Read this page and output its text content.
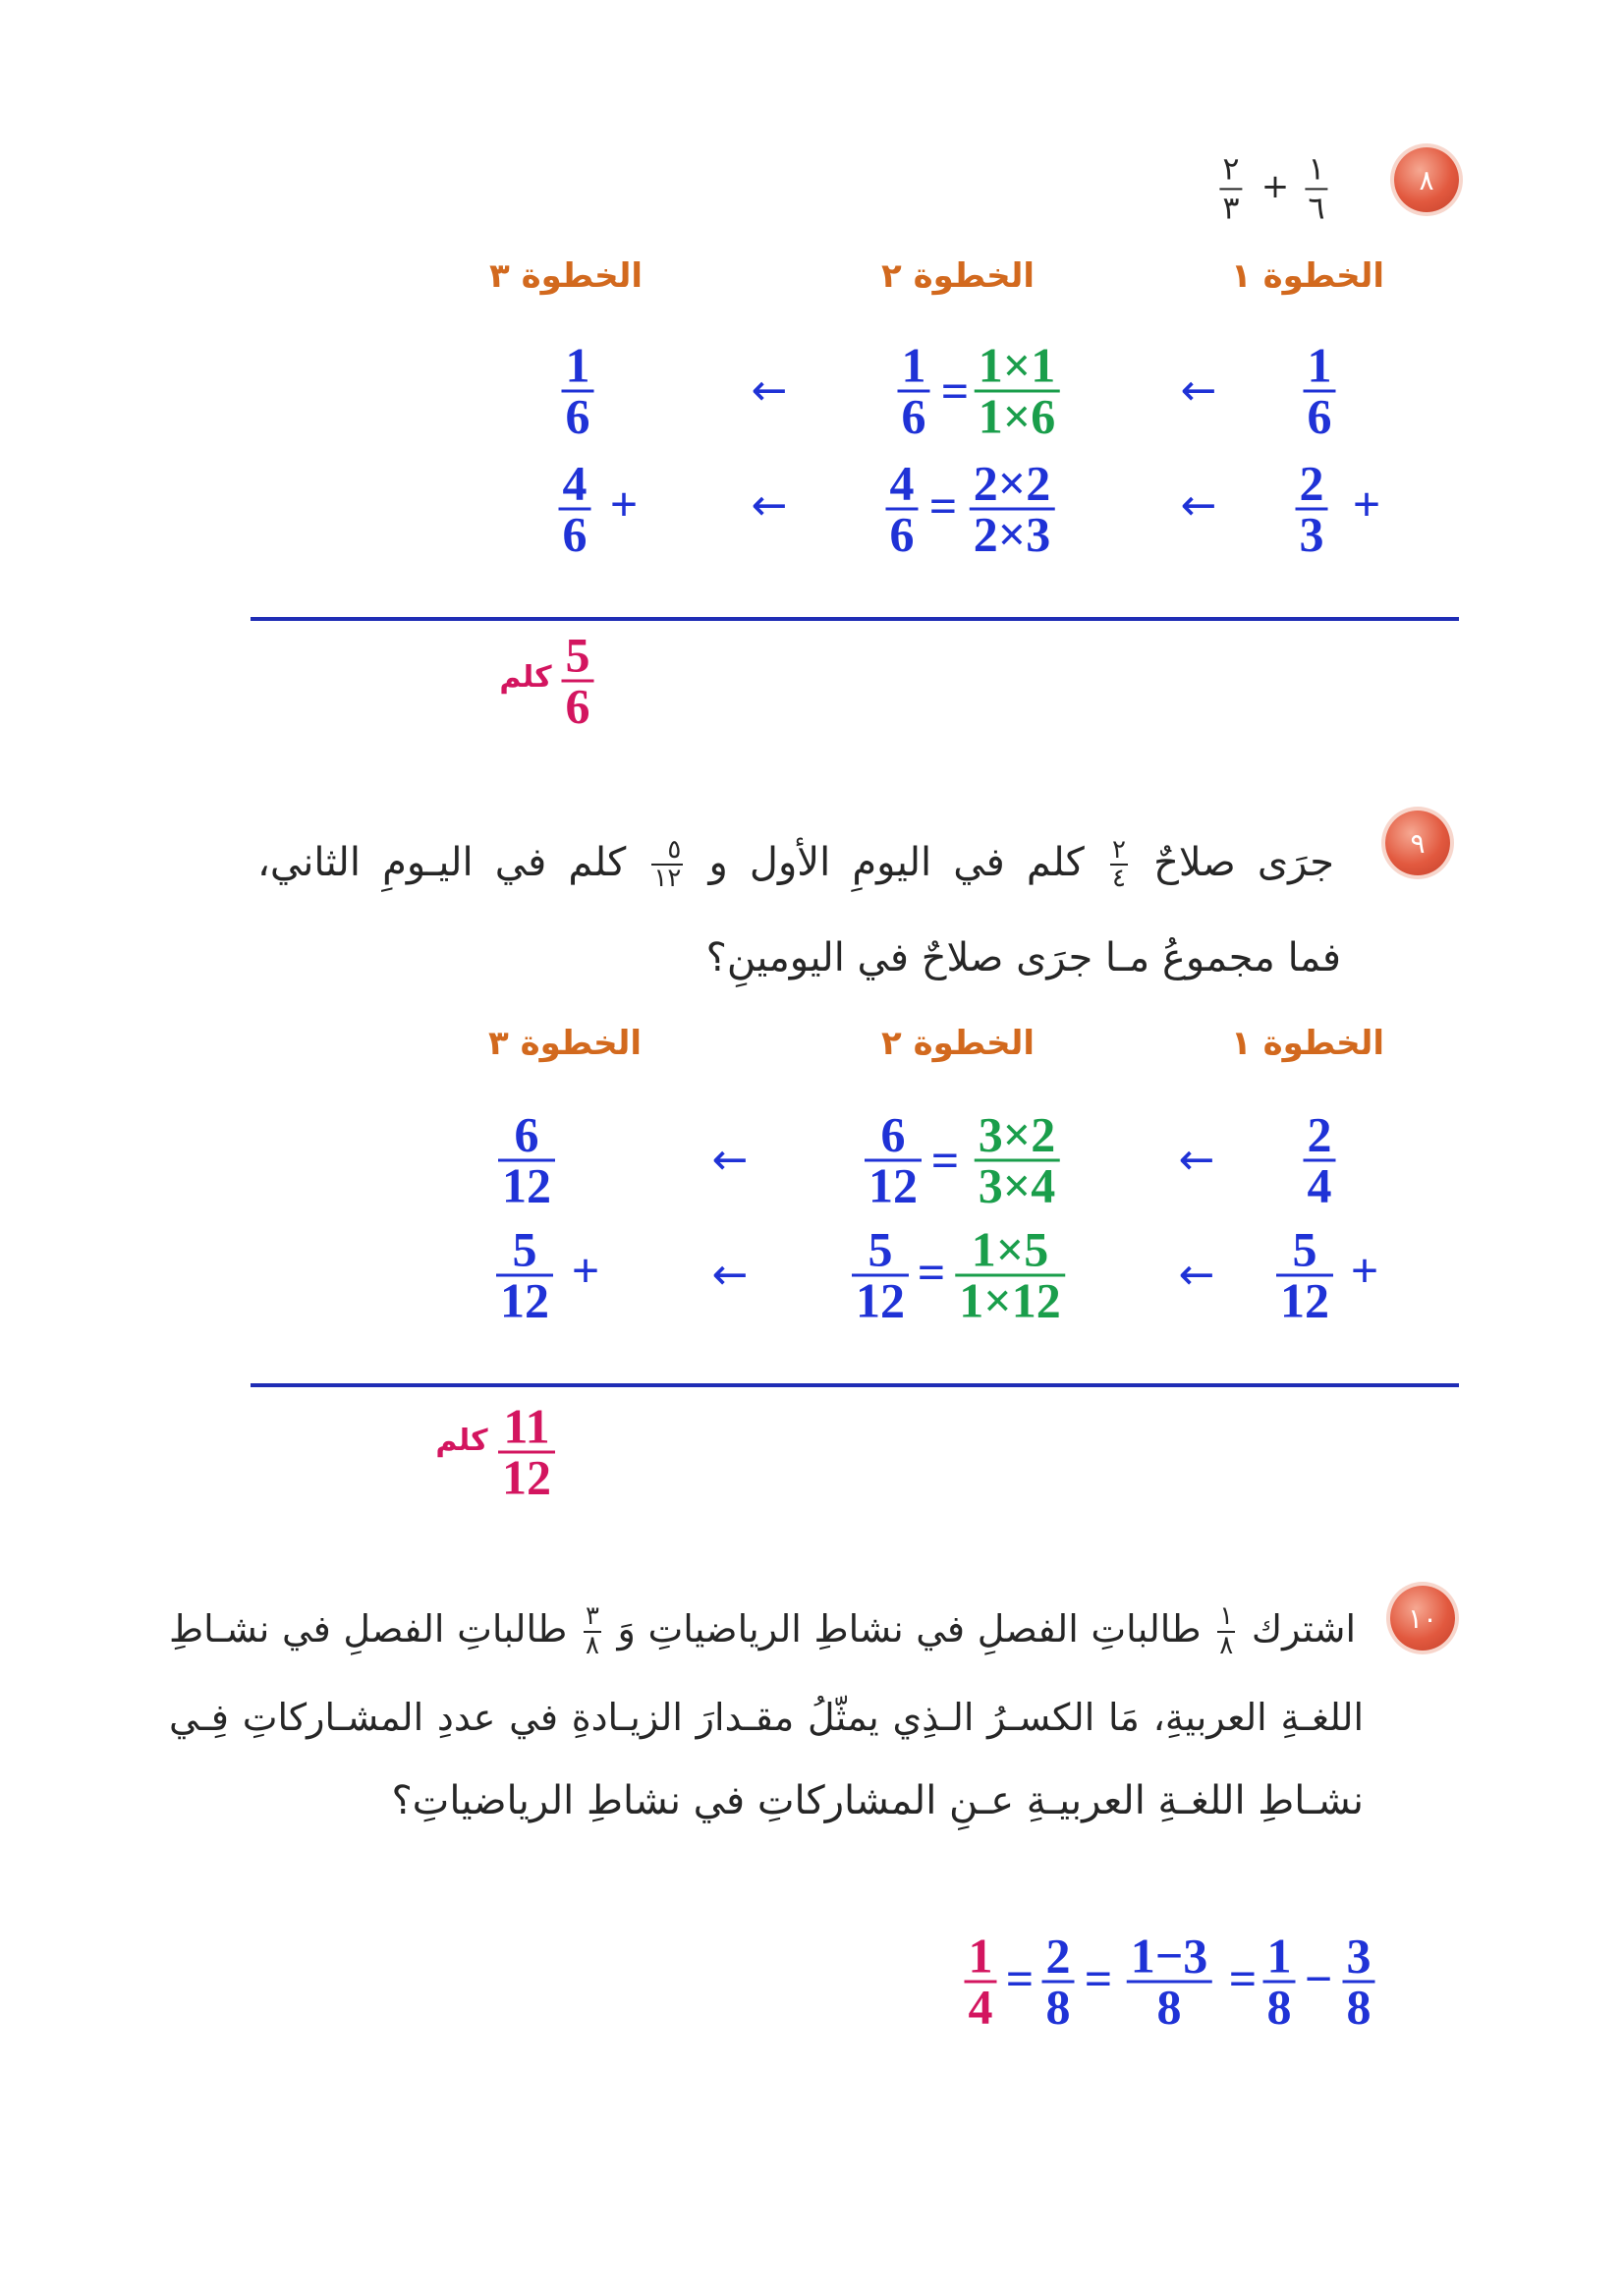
٨
١
٦
+
٢
٣
الخطوة ١
الخطوة ٢
الخطوة ٣
$\frac{1}{6}$
←
$\frac{1}{6} = \frac{1\times 1}{1\times 6}$
←
$\frac{1}{6}$
+
$\frac{2}{3}$
←
$\frac{4}{6} = \frac{2\times 2}{2\times 3}$
←
+
$\frac{4}{6}$
$\frac{5}{6}$
كلم
٩
جرَى صلاحٌ
$\frac{٢}{٤}$
كلم في اليومِ الأول و
$\frac{٥}{١٢}$
كلم في اليـومِ الثاني،
فما مجموعُ مـا جرَى صلاحٌ في اليومينِ؟
الخطوة ١
الخطوة ٢
الخطوة ٣
$\frac{2}{4}$
←
$\frac{6}{12} = \frac{3\times 2}{3\times 4}$
←
$\frac{6}{12}$
+
$\frac{5}{12}$
←
$\frac{5}{12} = \frac{1\times 5}{1\times 12}$
←
+
$\frac{5}{12}$
$\frac{11}{12}$
كلم
١٠
اشترك
$\frac{١}{٨}$
طالباتِ الفصلِ في نشاطِ الرياضياتِ وَ
$\frac{٣}{٨}$
طالباتِ الفصلِ في نشـاطِ
اللغـةِ العربيةِ، مَا الكسـرُ الـذِي يمثّلُ مقـدارَ الزيـادةِ في عددِ المشـاركاتِ فِـي
نشـاطِ اللغـةِ العربيـةِ عـنِ المشاركاتِ في نشاطِ الرياضياتِ؟
$\frac{1}{4} = \frac{2}{8} = \frac{1-3}{8} = \frac{1}{8} - \frac{3}{8}$
